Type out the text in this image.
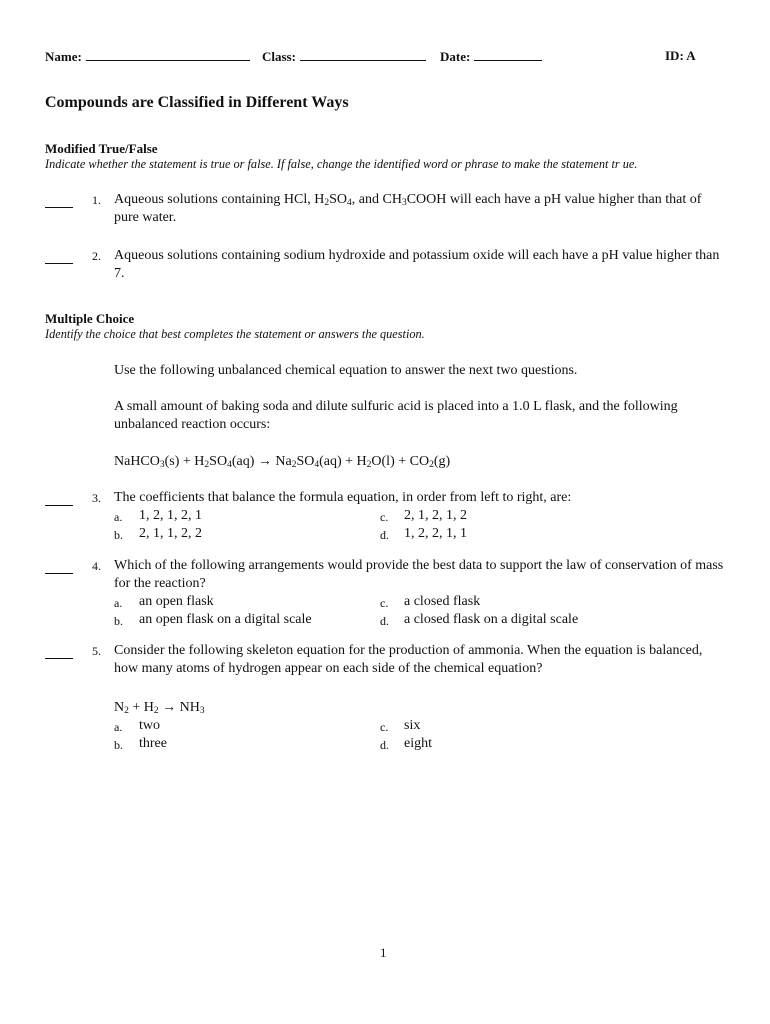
Name:	Class:	Date:	ID: A
Compounds are Classified in Different Ways
Modified True/False
Indicate whether the statement is true or false. If false, change the identified word or phrase to make the statement tr ue.
1. Aqueous solutions containing HCl, $H_2SO_4$, and $CH_3COOH$ will each have a pH value higher than that of pure water.
2. Aqueous solutions containing sodium hydroxide and potassium oxide will each have a pH value higher than 7.
Multiple Choice
Identify the choice that best completes the statement or answers the question.
Use the following unbalanced chemical equation to answer the next two questions.
A small amount of baking soda and dilute sulfuric acid is placed into a 1.0 L flask, and the following unbalanced reaction occurs:
NaHCO$_3$(s) + $H_2SO_4(aq) \to Na_2SO_4(aq) + H_2O(l) + CO_2(g)$
3. The coefficients that balance the formula equation, in order from left to right, are:
a. 1, 2, 1, 2, 1
b. 2, 1, 1, 2, 2
c. 2, 1, 2, 1, 2
d. 1, 2, 2, 1, 1
4. Which of the following arrangements would provide the best data to support the law of conservation of mass for the reaction?
a. an open flask
b. an open flask on a digital scale
c. a closed flask
d. a closed flask on a digital scale
5. Consider the following skeleton equation for the production of ammonia. When the equation is balanced, how many atoms of hydrogen appear on each side of the chemical equation?
$N_2 + H_2 \to NH_3$
a. two
b. three
c. six
d. eight
1
